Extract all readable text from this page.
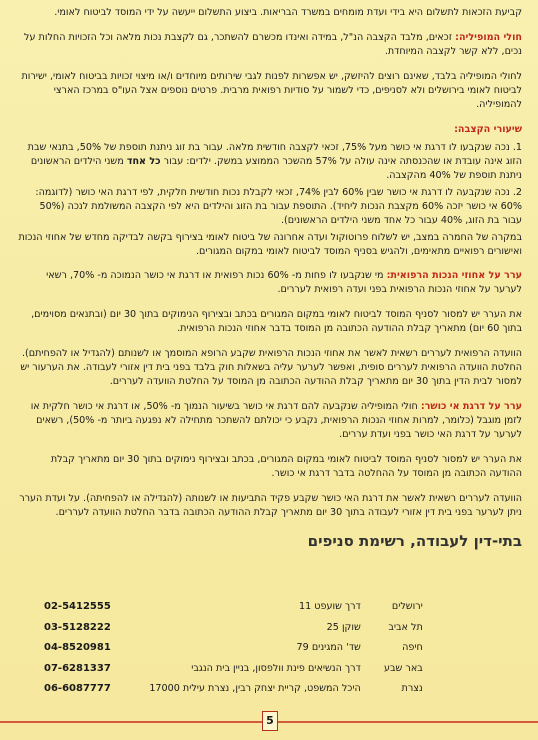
קביעת הזכאות לתשלום היא בידי ועדת מומחים במשרד הבריאות. ביצוע התשלום ייעשה על ידי המוסד לביטוח לאומי.

חולי המופיליה: זכאים, מלבד הקצבה הנ"ל, במידה ואינדו מכשרם להשתכר, גם לקצבת נכות מלאה וכל הזכויות החלות על נכים, ללא קשר לקצבה המיוחדת.

לחולי המופיליה בלבד, שאינם רוצים להיזשק, יש אפשרות לפנות לגבי שירותים מיוחדים ו/או מיצוי זכויות בביטוח לאומי, ישירות לביטוח לאומי בירושלים ולא לסניפים, כדי לשמור על סודיות רפואית מרבית. פרטים נוספים אצל העו"ס במרכז הארצי להמופיליה.

שיעורי הקצבה:
1. נכה שנקבעו לו דרגת אי כושר מעל 75%, זכאי לקצבה חודשית מלאה. עבור בת זוג ניתנת תוספת של 50%, בתנאי שבת הזוג אינה עובדת או שהכנסתה אינה עולה על 57% מהשכר הממוצע במשק. ילדים: עבור כל אחד משני הילדים הראשונים ניתנת תוספת של 40% מהקצבה.
2. נכה שנקבעה לו דרגת אי כושר שבין 60% לבין 74%, זכאי לקבלת נכות חודשית חלקית, לפי דרגת האי כושר (לדוגמה: 60% אי כושר יזכה 60% מקצבת הנכות ליחיד). התוספת עבור בת הזוג והילדים היא לפי הקצבה המשולמת לנכה (50% עבור בת הזוג, 40% עבור כל אחד משני הילדים הראשונים).
במקרה של החמרה במצב, יש לשלוח פרוטוקול ועדה אחרונה של ביטוח לאומי בצירוף בקשה לבדיקה מחדש של אחוזי הנכות ואישורים רפואיים מתאימים, ולהגיש בסניף המוסד לביטוח לאומי במקום המגורים.

ערר על אחוזי הנכות הרפואית: מי שנקבעו לו פחות מ- 60% נכות רפואית או דרגת אי כושר הנמוכה מ- 70%, רשאי לערער על אחוזי הנכות הרפואית בפני ועדה רפואית לעררים.

את הערר יש למסור לסניף המוסד לביטוח לאומי במקום המגורים בכתב ובצירוף הנימוקים בתוך 30 יום (ובתנאים מסוימים, בתוך 60 יום) מתאריך קבלת ההודעה הכתובה מן המוסד בדבר אחוזי הנכות הרפואית.

הוועדה הרפואית לעררים רשאית לאשר את אחוזי הנכות הרפואית שקבע הרופא המוסמך או לשנותם (להגדיל או להפחיתם). החלטת הוועדה הרפואית לעררים סופית, ואפשר לערער עליה בשאלות חוק בלבד בפני בית דין אזורי לעבודה. את הערעור יש למסור לבית הדין בתוך 30 יום מתאריך קבלת ההודעה הכתובה מן המוסד על החלטת הוועדה לעררים.

ערר על דרגת אי כושר: חולי המופיליה שנקבעה להם דרגת אי כושר בשיעור הנמוך מ- 50%, או דרגת אי כושר חלקית או לזמן מוגבל (כלומר, למרות אחוזי הנכות הרפואית, נקבע כי יכולתם להשתכר מתחילה לא נפגעה ביותר מ- 50%), רשאים לערער על דרגת האי כושר בפני ועדת עררים.

את הערר יש למסור לסניף המוסד לביטוח לאומי במקום המגורים, בכתב ובצירוף נימוקים בתוך 30 יום מתאריך קבלת ההודעה הכתובה מן המוסד על ההחלטה בדבר דרגת אי כושר.

הוועדה לעררים רשאית לאשר את דרגת האי כושר שקבע פקיד התביעות או לשנותה (להגדילה או להפחיתה). על ועדת הערר ניתן לערער בפני בית דין אזורי לעבודה בתוך 30 יום מתאריך קבלת ההודעה הכתובה בדבר החלטת הוועדה לעררים.

בתי-דין לעבודה, רשימת סניפים
ירושלים	דרך שועפט 11	02-5412555
תל אביב	שוקן 25	03-5128222
חיפה	שד' המגינים 79	04-8520981
באר שבע	דרך הנשיאים פינת וולפסון, בניין בית הנגבי	07-6281337
נצרת	היכל המשפט, קריית יצחק רבין, נצרת עילית 17000	06-6087777
5
